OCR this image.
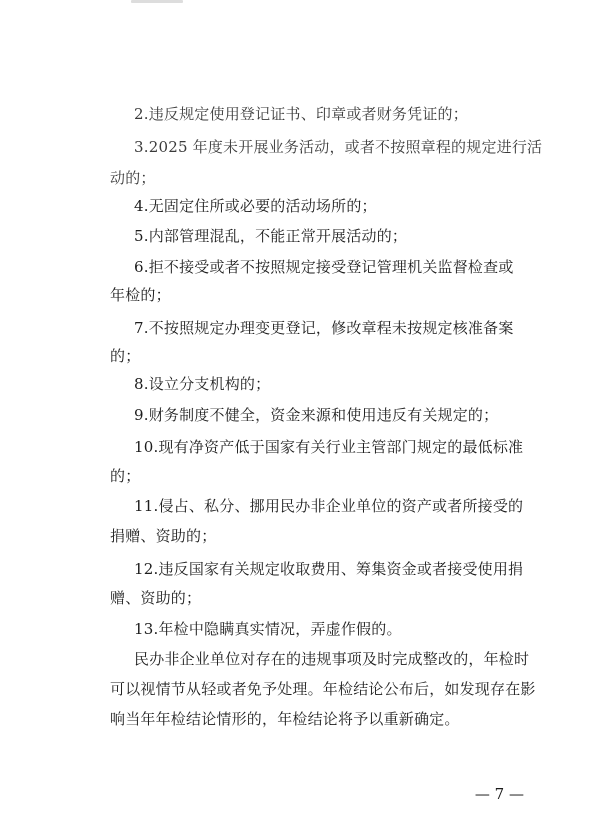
2.违反规定使用登记证书、印章或者财务凭证的；
3.2025 年度未开展业务活动，或者不按照章程的规定进行活
动的；
4.无固定住所或必要的活动场所的；
5.内部管理混乱，不能正常开展活动的；
6.拒不接受或者不按照规定接受登记管理机关监督检查或
年检的；
7.不按照规定办理变更登记，修改章程未按规定核准备案
的；
8.设立分支机构的；
9.财务制度不健全，资金来源和使用违反有关规定的；
10.现有净资产低于国家有关行业主管部门规定的最低标准
的；
11.侵占、私分、挪用民办非企业单位的资产或者所接受的
捐赠、资助的；
12.违反国家有关规定收取费用、筹集资金或者接受使用捐
赠、资助的；
13.年检中隐瞒真实情况，弄虚作假的。
民办非企业单位对存在的违规事项及时完成整改的，年检时
可以视情节从轻或者免予处理。年检结论公布后，如发现存在影
响当年年检结论情形的，年检结论将予以重新确定。
— 7 —
